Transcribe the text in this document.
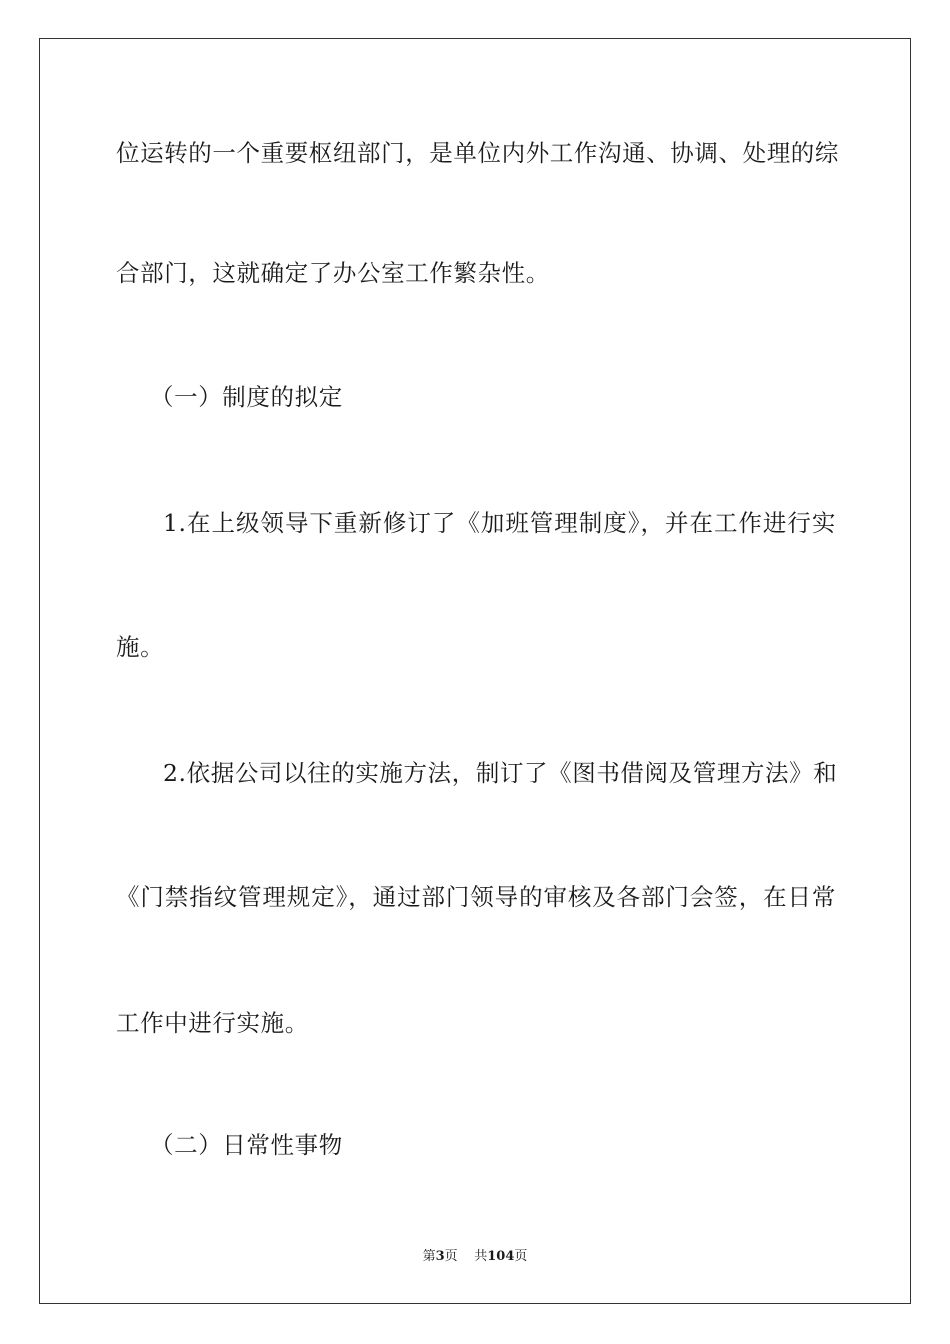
位运转的一个重要枢纽部门，是单位内外工作沟通、协调、处理的综
合部门，这就确定了办公室工作繁杂性。
（一）制度的拟定
1.在上级领导下重新修订了《加班管理制度》，并在工作进行实
施。
2.依据公司以往的实施方法，制订了《图书借阅及管理方法》和
《门禁指纹管理规定》，通过部门领导的审核及各部门会签，在日常
工作中进行实施。
（二）日常性事物
第3页 共104页
